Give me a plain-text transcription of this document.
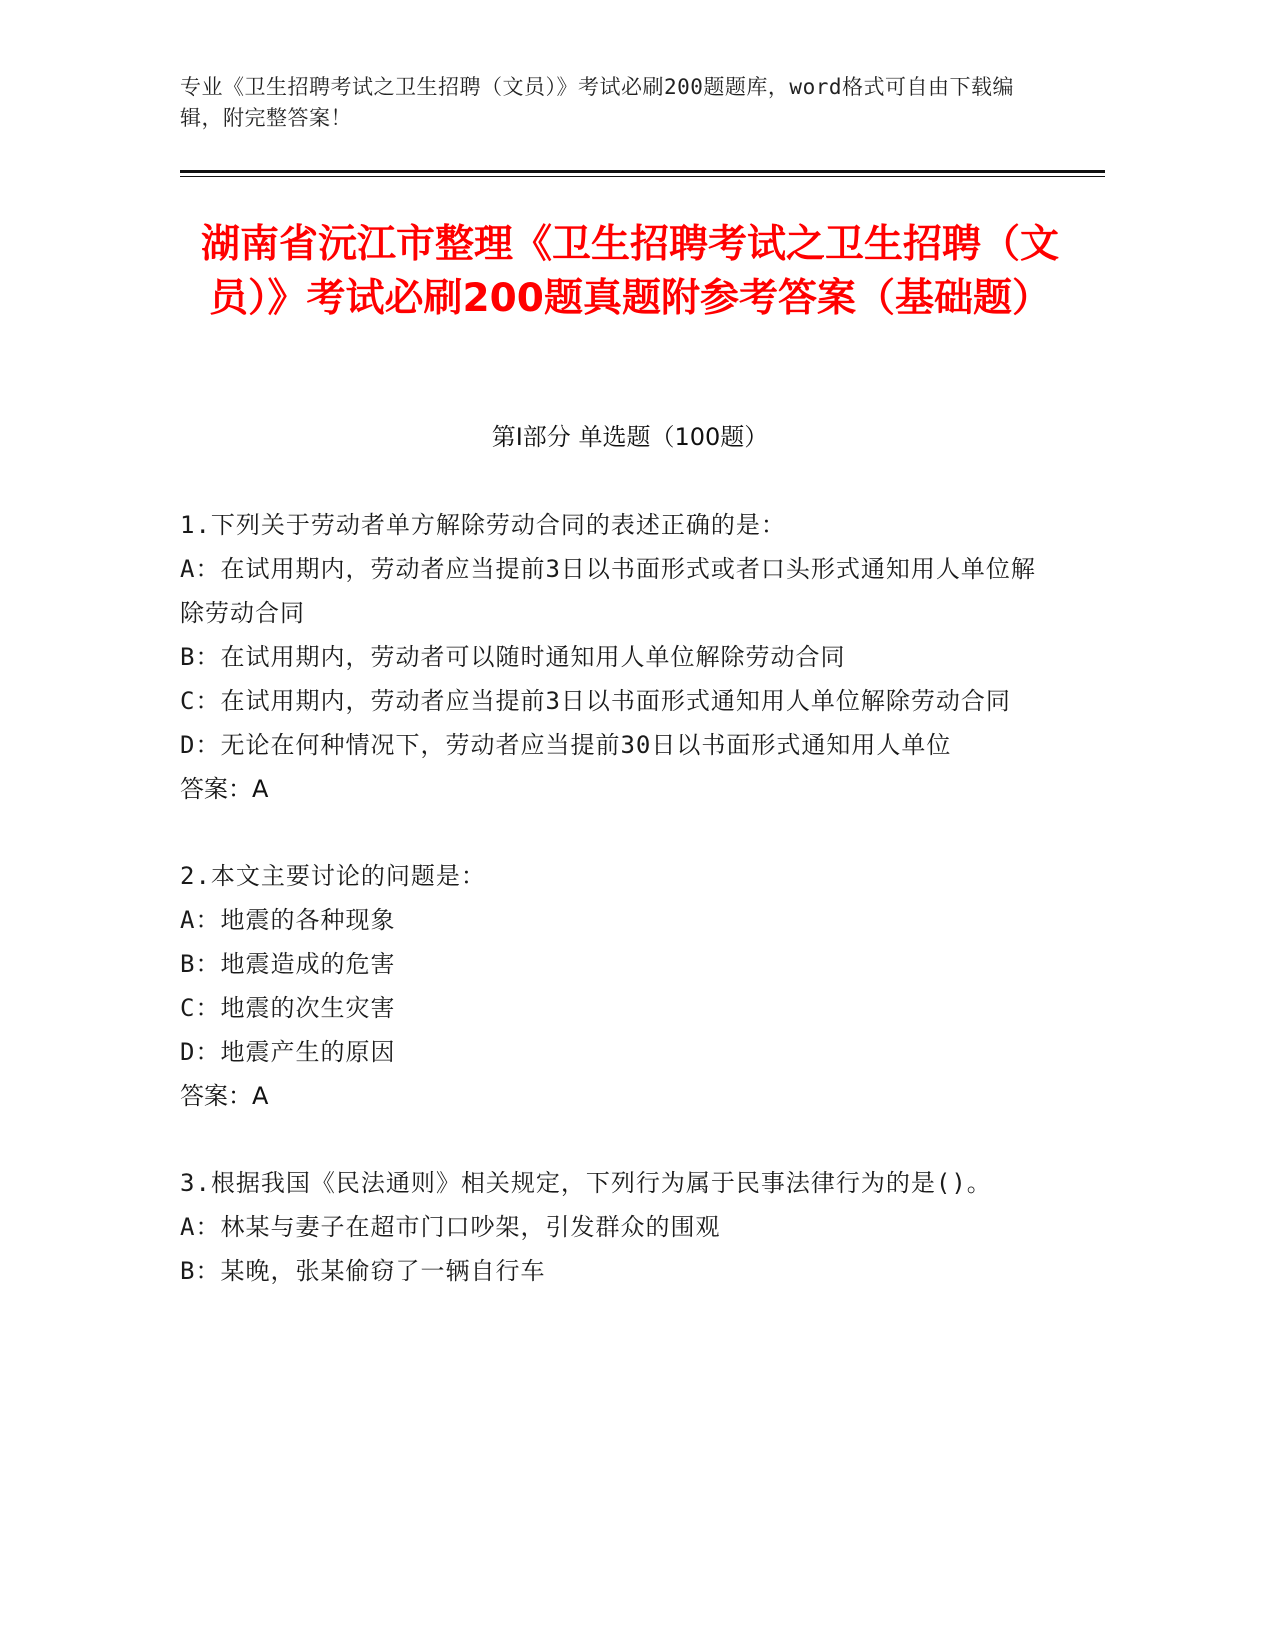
专业《卫生招聘考试之卫生招聘（文员）》考试必刷200题题库，word格式可自由下载编辑，附完整答案！
湖南省沅江市整理《卫生招聘考试之卫生招聘（文员）》考试必刷200题真题附参考答案（基础题）
第I部分 单选题（100题）
1.下列关于劳动者单方解除劳动合同的表述正确的是：
A：在试用期内，劳动者应当提前3日以书面形式或者口头形式通知用人单位解除劳动合同
B：在试用期内，劳动者可以随时通知用人单位解除劳动合同
C：在试用期内，劳动者应当提前3日以书面形式通知用人单位解除劳动合同
D：无论在何种情况下，劳动者应当提前30日以书面形式通知用人单位
答案：A
2.本文主要讨论的问题是：
A：地震的各种现象
B：地震造成的危害
C：地震的次生灾害
D：地震产生的原因
答案：A
3.根据我国《民法通则》相关规定，下列行为属于民事法律行为的是()。
A：林某与妻子在超市门口吵架，引发群众的围观
B：某晚，张某偷窃了一辆自行车
